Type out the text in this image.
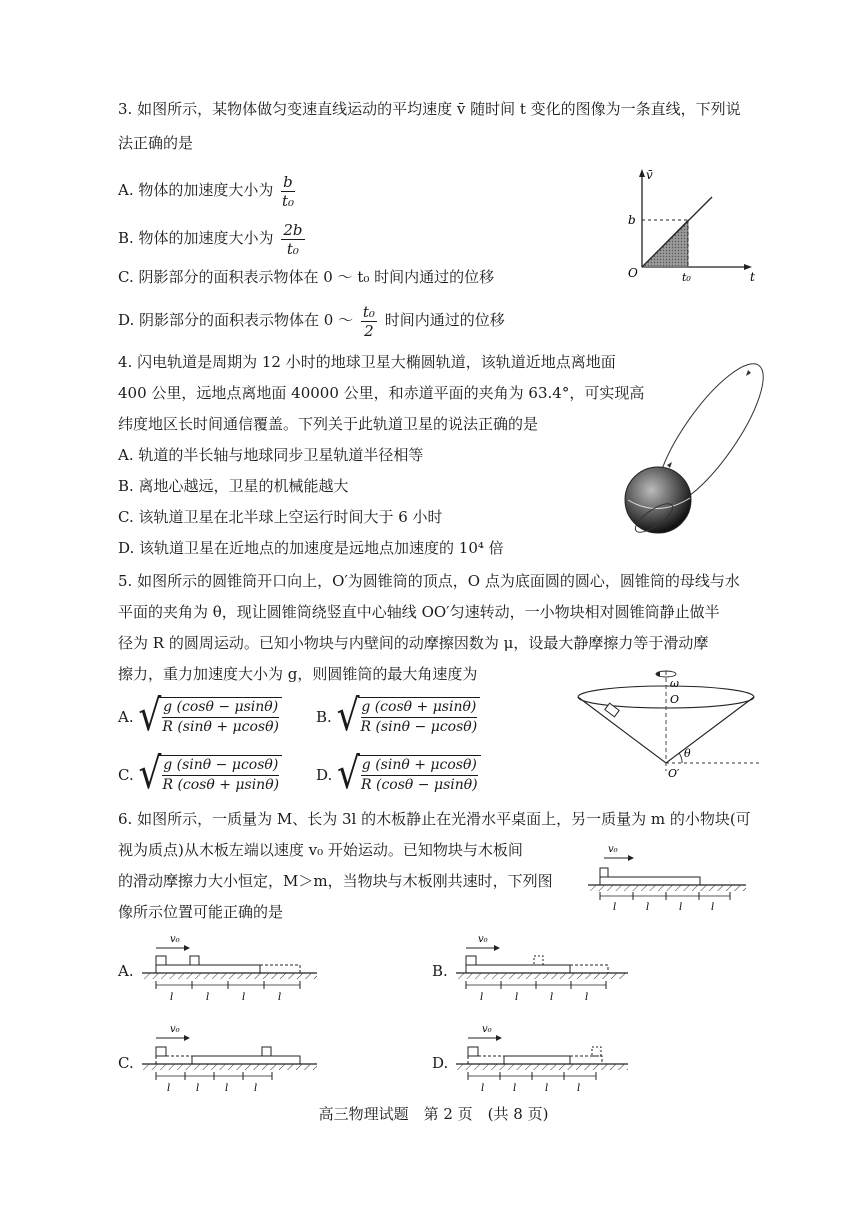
3. 如图所示，某物体做匀变速直线运动的平均速度 v̄ 随时间 t 变化的图像为一条直线，下列说
法正确的是
A. 物体的加速度大小为 $\frac{b}{\text{t₀}}$
B. 物体的加速度大小为 $\frac{2b}{\text{t₀}}$
C. 阴影部分的面积表示物体在 0 ～ t₀ 时间内通过的位移
D. 阴影部分的面积表示物体在 0 ～ $\frac{\text{t₀}}{2}$ 时间内通过的位移
v̄
b
O	t₀	t
4. 闪电轨道是周期为 12 小时的地球卫星大椭圆轨道，该轨道近地点离地面
400 公里，远地点离地面 40000 公里，和赤道平面的夹角为 63.4°，可实现高
纬度地区长时间通信覆盖。下列关于此轨道卫星的说法正确的是
A. 轨道的半长轴与地球同步卫星轨道半径相等
B. 离地心越远，卫星的机械能越大
C. 该轨道卫星在北半球上空运行时间大于 6 小时
D. 该轨道卫星在近地点的加速度是远地点加速度的 10⁴ 倍
5. 如图所示的圆锥筒开口向上，O′为圆锥筒的顶点，O 点为底面圆的圆心，圆锥筒的母线与水
平面的夹角为 θ，现让圆锥筒绕竖直中心轴线 OO′匀速转动，一小物块相对圆锥筒静止做半
径为 R 的圆周运动。已知小物块与内壁间的动摩擦因数为 μ，设最大静摩擦力等于滑动摩
擦力，重力加速度大小为 g，则圆锥筒的最大角速度为
A. √
$\frac{g (\cos\theta - \mu\sin\theta)}{R (\sin\theta + \mu\cos\theta)} B$. √
$\frac{g (\cos\theta + \mu\sin\theta)}{R (\sin\theta - \mu\cos\theta)}$
C. √
$\frac{g (\sin\theta - \mu\cos\theta)}{R (\cos\theta + \mu\sin\theta)} D$. √
$\frac{g (\sin\theta + \mu\cos\theta)}{R (\cos\theta - \mu\sin\theta)}$
ω
O
θ
O′
6. 如图所示，一质量为 M、长为 3l 的木板静止在光滑水平桌面上，另一质量为 m 的小物块(可
视为质点)从木板左端以速度 v₀ 开始运动。已知物块与木板间
的滑动摩擦力大小恒定，M＞m，当物块与木板刚共速时，下列图
像所示位置可能正确的是
v₀
l	l	l	l
A.
v₀
l	l	l	l
B.
v₀
l	l	l	l
C.
v₀
l	l	l	l
D.
v₀
l	l	l	l
高三物理试题　第 2 页　(共 8 页)
